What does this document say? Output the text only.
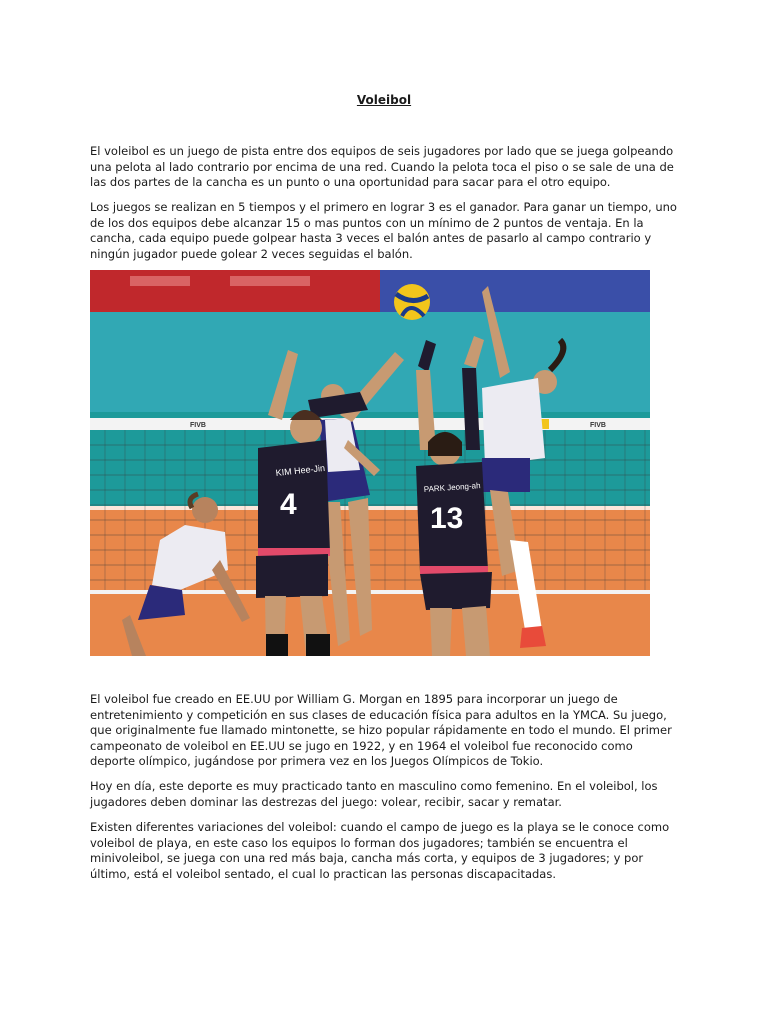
Voleibol

El voleibol es un juego de pista entre dos equipos de seis jugadores por lado que se juega golpeando una pelota al lado contrario por encima de una red. Cuando la pelota toca el piso o se sale de una de las dos partes de la cancha es un punto o una oportunidad para sacar para el otro equipo.

Los juegos se realizan en 5 tiempos y el primero en lograr 3 es el ganador. Para ganar un tiempo, uno de los dos equipos debe alcanzar 15 o mas puntos con un mínimo de 2 puntos de ventaja. En la cancha, cada equipo puede golpear hasta 3 veces el balón antes de pasarlo al campo contrario y ningún jugador puede golear 2 veces seguidas el balón.

FIVB	FIVB
KIM Hee-Jin
4
PARK Jeong-ah
13

El voleibol fue creado en EE.UU por William G. Morgan en 1895 para incorporar un juego de entretenimiento y competición en sus clases de educación física para adultos en la YMCA. Su juego, que originalmente fue llamado mintonette, se hizo popular rápidamente en todo el mundo. El primer campeonato de voleibol en EE.UU se jugo en 1922, y en 1964 el voleibol fue reconocido como deporte olímpico, jugándose por primera vez en los Juegos Olímpicos de Tokio.

Hoy en día, este deporte es muy practicado tanto en masculino como femenino. En el voleibol, los jugadores deben dominar las destrezas del juego: volear, recibir, sacar y rematar.

Existen diferentes variaciones del voleibol: cuando el campo de juego es la playa se le conoce como voleibol de playa, en este caso los equipos lo forman dos jugadores; también se encuentra el minivoleibol, se juega con una red más baja, cancha más corta, y equipos de 3 jugadores; y por último, está el voleibol sentado, el cual lo practican las personas discapacitadas.
